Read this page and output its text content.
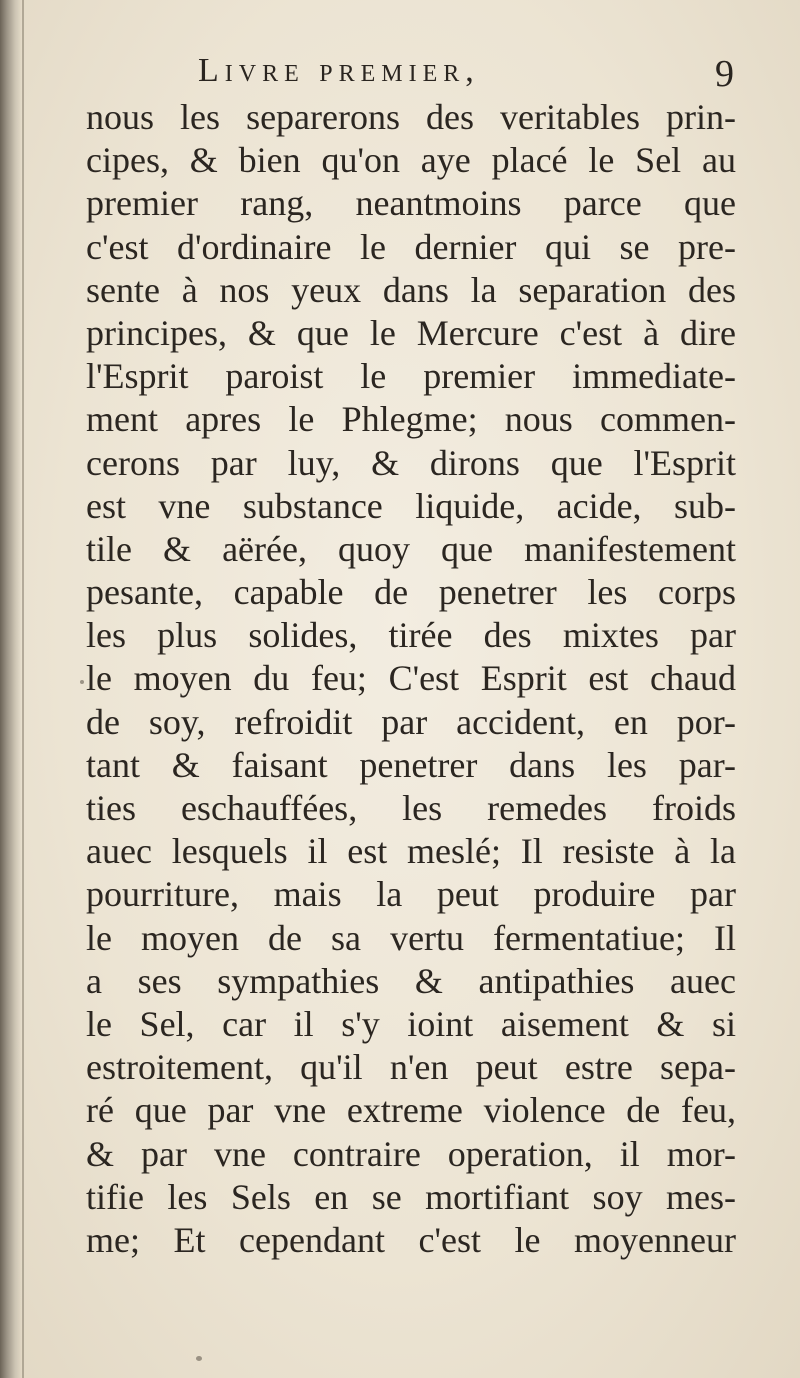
Livre premier,	9
nous les separerons des veritables prin-
cipes, & bien qu'on aye placé le Sel au
premier rang, neantmoins parce que
c'est d'ordinaire le dernier qui se pre-
sente à nos yeux dans la separation des
principes, & que le Mercure c'est à dire
l'Esprit paroist le premier immediate-
ment apres le Phlegme; nous commen-
cerons par luy, & dirons que l'Esprit
est vne substance liquide, acide, sub-
tile & aërée, quoy que manifestement
pesante, capable de penetrer les corps
les plus solides, tirée des mixtes par
le moyen du feu; C'est Esprit est chaud
de soy, refroidit par accident, en por-
tant & faisant penetrer dans les par-
ties eschauffées, les remedes froids
auec lesquels il est meslé; Il resiste à la
pourriture, mais la peut produire par
le moyen de sa vertu fermentatiue; Il
a ses sympathies & antipathies auec
le Sel, car il s'y ioint aisement & si
estroitement, qu'il n'en peut estre sepa-
ré que par vne extreme violence de feu,
& par vne contraire operation, il mor-
tifie les Sels en se mortifiant soy mes-
me; Et cependant c'est le moyenneur
